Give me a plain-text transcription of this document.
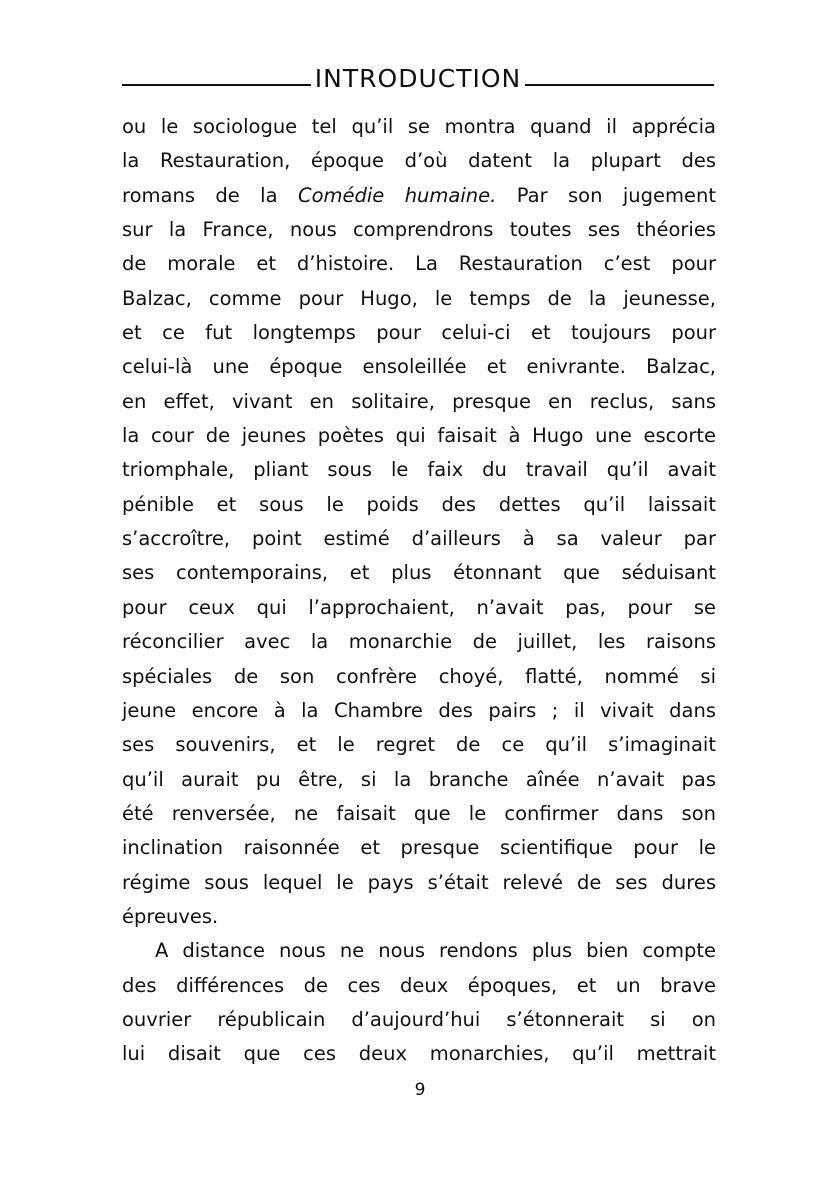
INTRODUCTION
ou le sociologue tel qu’il se montra quand il apprécia
la Restauration, époque d’où datent la plupart des
romans de la Comédie humaine. Par son jugement
sur la France, nous comprendrons toutes ses théories
de morale et d’histoire. La Restauration c’est pour
Balzac, comme pour Hugo, le temps de la jeunesse,
et ce fut longtemps pour celui-ci et toujours pour
celui-là une époque ensoleillée et enivrante. Balzac,
en effet, vivant en solitaire, presque en reclus, sans
la cour de jeunes poètes qui faisait à Hugo une escorte
triomphale, pliant sous le faix du travail qu’il avait
pénible et sous le poids des dettes qu’il laissait
s’accroître, point estimé d’ailleurs à sa valeur par
ses contemporains, et plus étonnant que séduisant
pour ceux qui l’approchaient, n’avait pas, pour se
réconcilier avec la monarchie de juillet, les raisons
spéciales de son confrère choyé, flatté, nommé si
jeune encore à la Chambre des pairs ; il vivait dans
ses souvenirs, et le regret de ce qu’il s’imaginait
qu’il aurait pu être, si la branche aînée n’avait pas
été renversée, ne faisait que le confirmer dans son
inclination raisonnée et presque scientifique pour le
régime sous lequel le pays s’était relevé de ses dures
épreuves.
A distance nous ne nous rendons plus bien compte
des différences de ces deux époques, et un brave
ouvrier républicain d’aujourd’hui s’étonnerait si on
lui disait que ces deux monarchies, qu’il mettrait
9
